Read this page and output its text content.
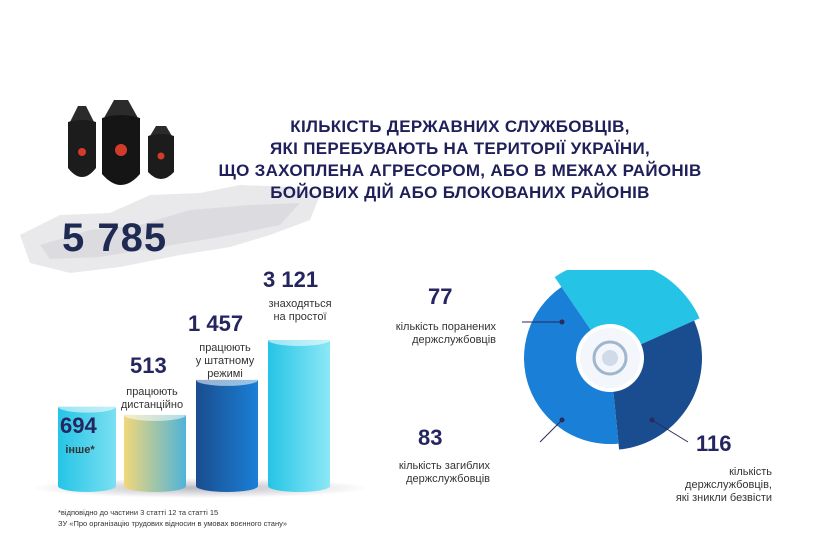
КІЛЬКІСТЬ ДЕРЖАВНИХ СЛУЖБОВЦІВ,
ЯКІ ПЕРЕБУВАЮТЬ НА ТЕРИТОРІЇ УКРАЇНИ,
ЩО ЗАХОПЛЕНА АГРЕСОРОМ, АБО В МЕЖАХ РАЙОНІВ
БОЙОВИХ ДІЙ АБО БЛОКОВАНИХ РАЙОНІВ
5 785
694
інше*
513
працюють
дистанційно
1 457
працюють
у штатному
режимі
3 121
знаходяться
на простої
*відповідно до частини 3 статті 12 та статті 15
ЗУ «Про організацію трудових відносин в умовах воєнного стану»
77
кількість поранених
держслужбовців
83
кількість загиблих
держслужбовців
116
кількість держслужбовців,
які зникли безвісти
